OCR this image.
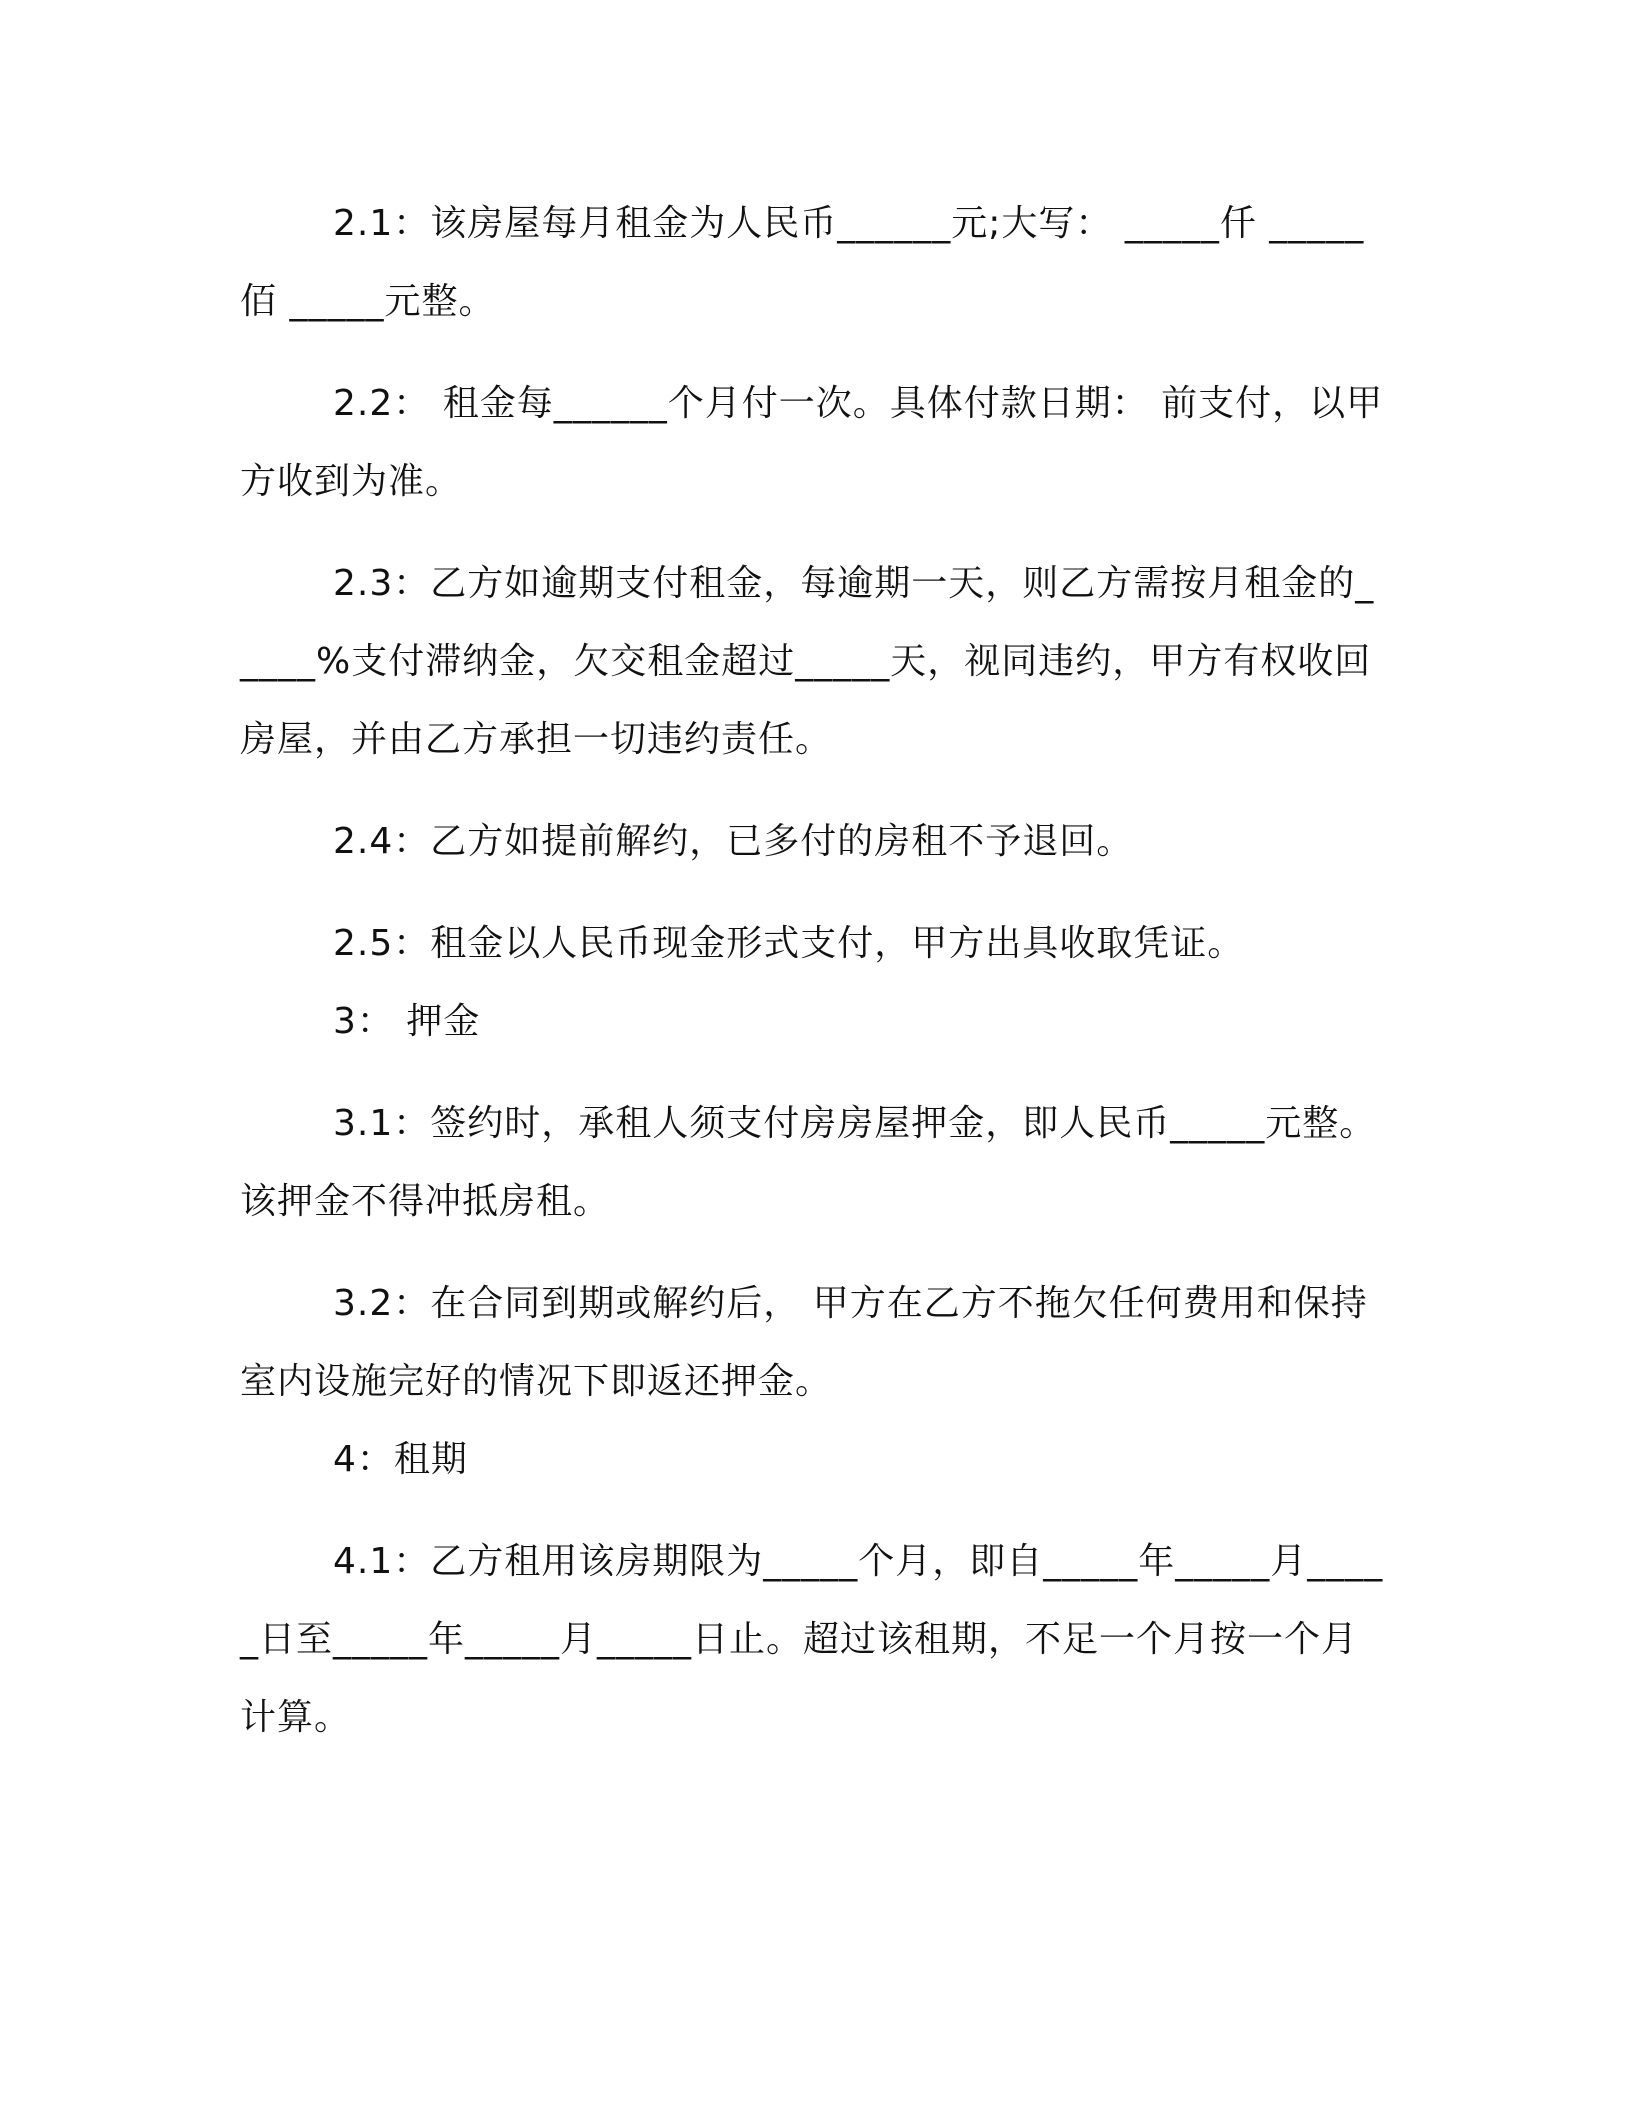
2.1：该房屋每月租金为人民币______元;大写： _____仟 _____佰 _____元整。

2.2： 租金每______个月付一次。具体付款日期： 前支付，以甲方收到为准。

2.3：乙方如逾期支付租金，每逾期一天，则乙方需按月租金的_____%支付滞纳金，欠交租金超过_____天，视同违约，甲方有权收回房屋，并由乙方承担一切违约责任。

2.4：乙方如提前解约，已多付的房租不予退回。

2.5：租金以人民币现金形式支付，甲方出具收取凭证。

3： 押金

3.1：签约时，承租人须支付房房屋押金，即人民币_____元整。该押金不得冲抵房租。

3.2：在合同到期或解约后， 甲方在乙方不拖欠任何费用和保持室内设施完好的情况下即返还押金。

4：租期

4.1：乙方租用该房期限为_____个月，即自_____年_____月_____日至_____年_____月_____日止。超过该租期，不足一个月按一个月计算。
